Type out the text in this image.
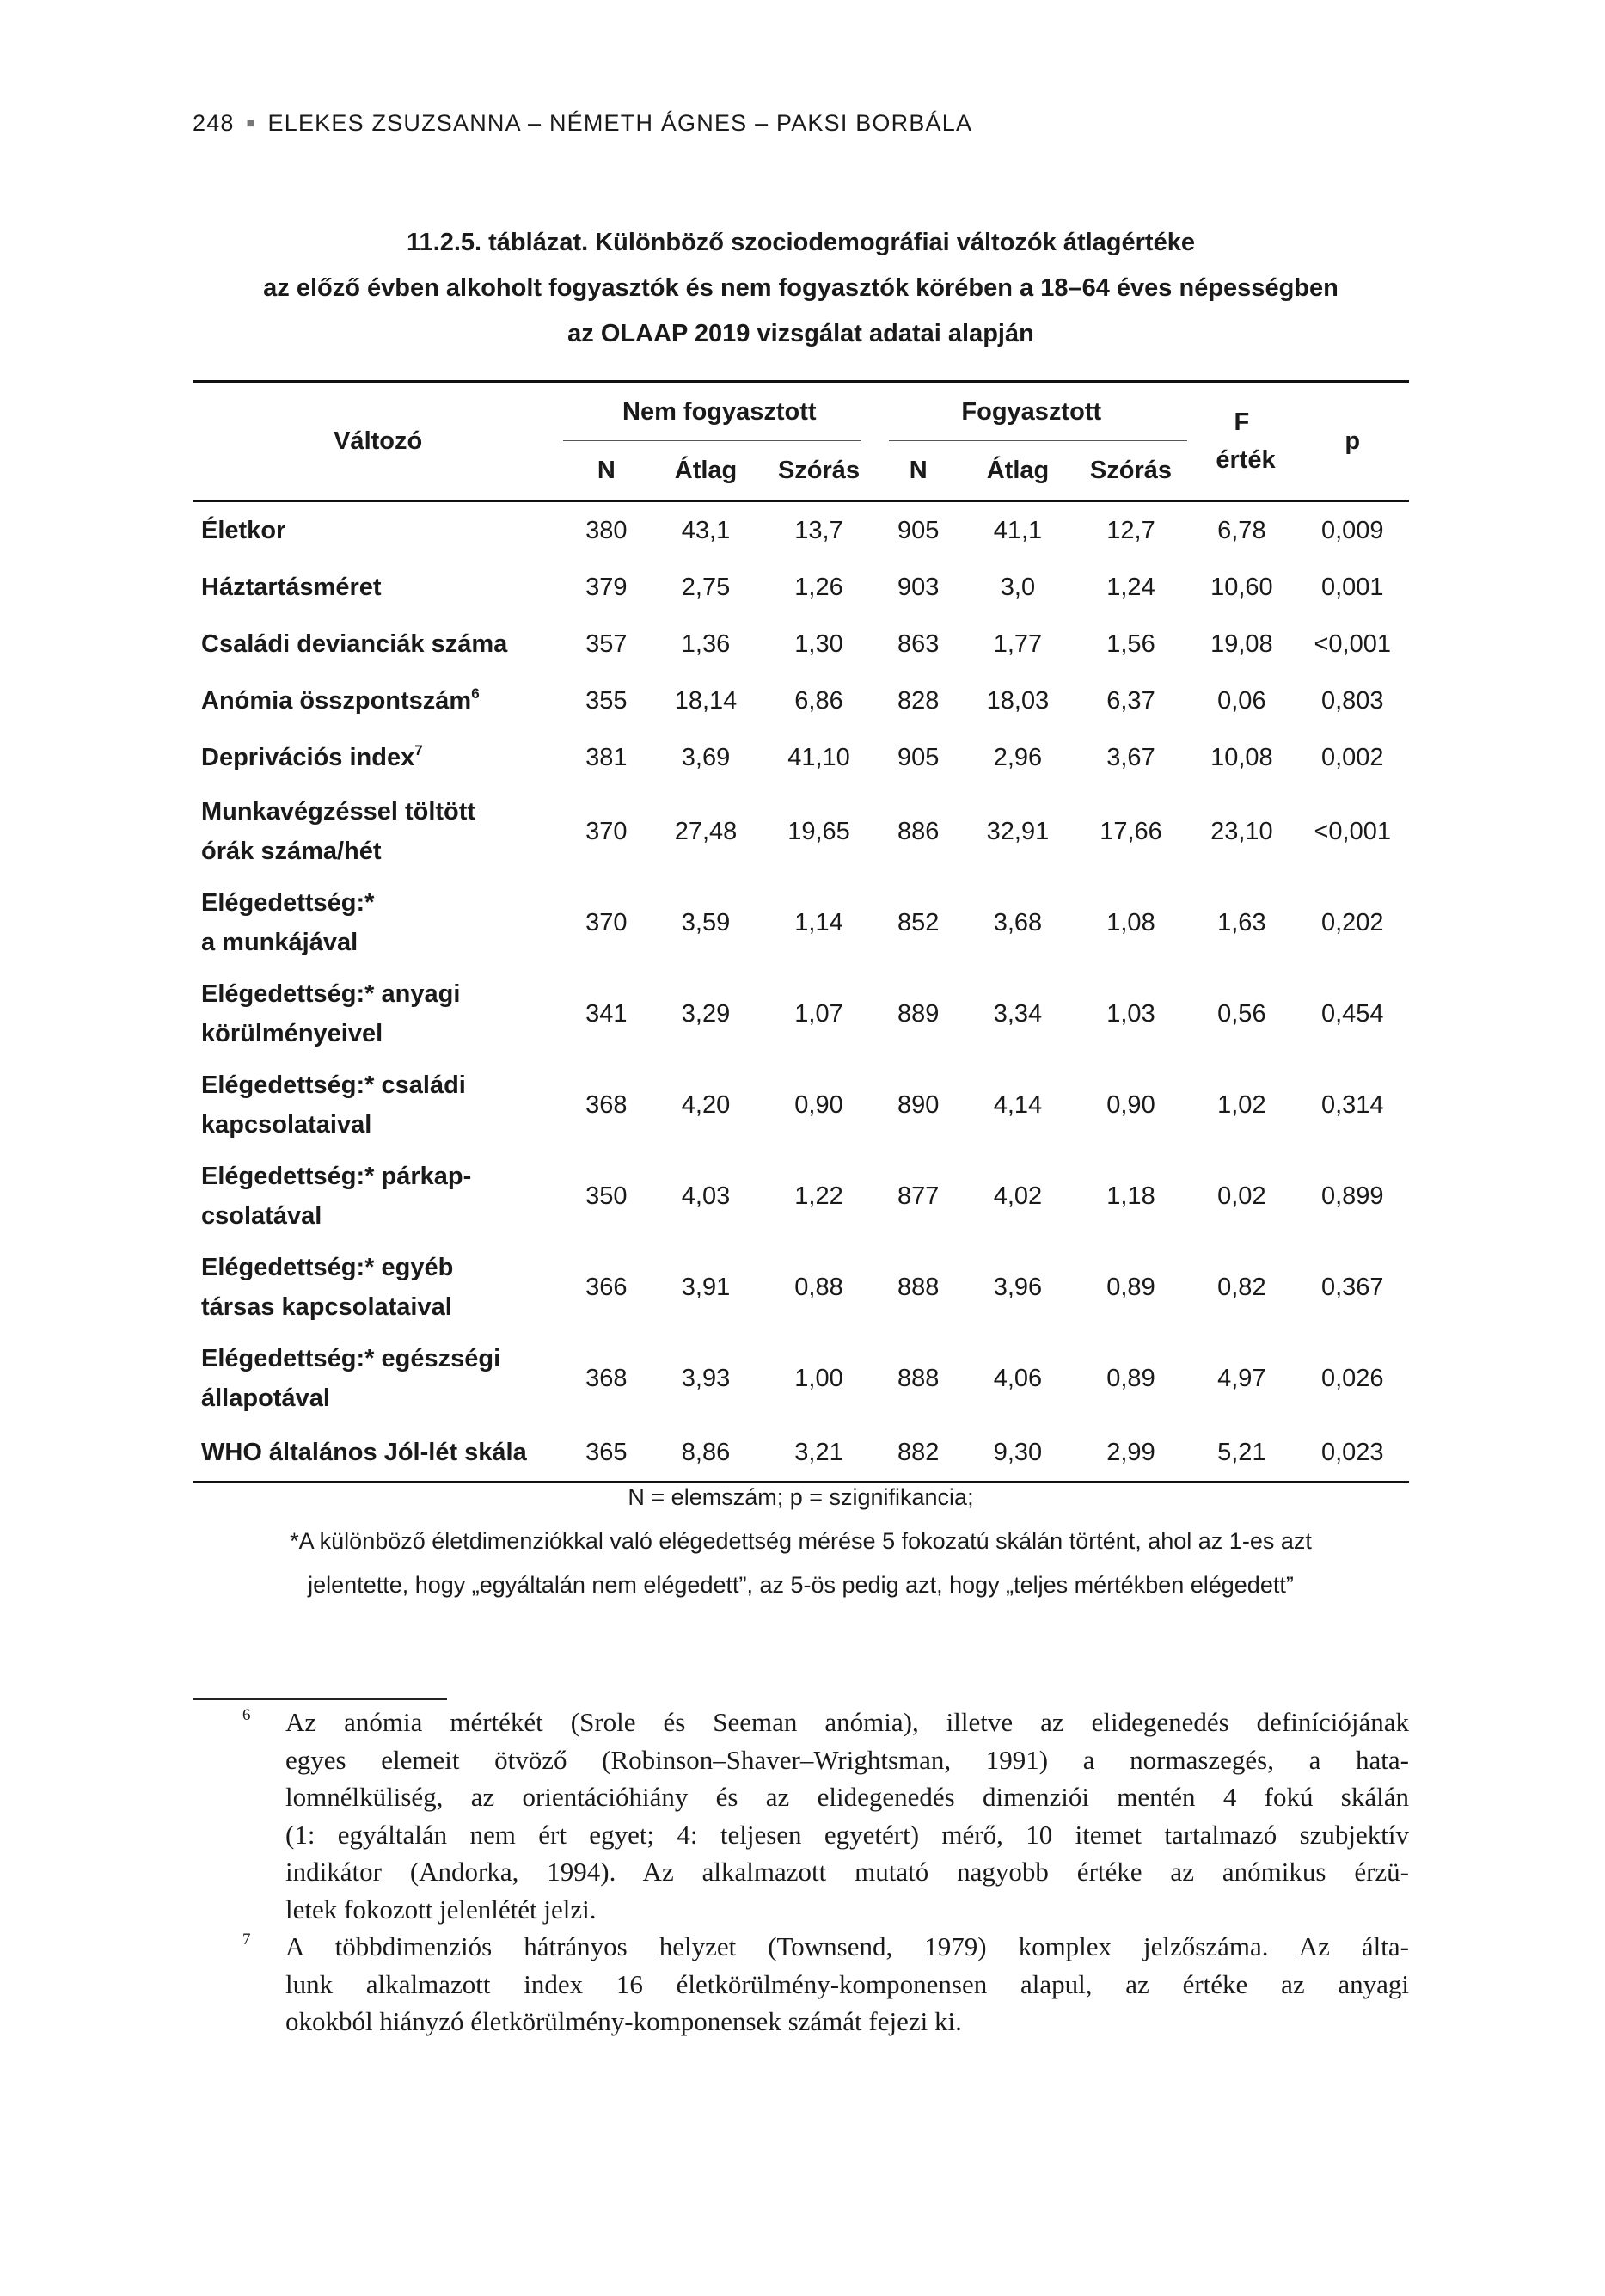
248 ■ ELEKES ZSUZSANNA – NÉMETH ÁGNES – PAKSI BORBÁLA
11.2.5. táblázat. Különböző szociodemográfiai változók átlagértéke
az előző évben alkoholt fogyasztók és nem fogyasztók körében a 18–64 éves népességben
az OLAAP 2019 vizsgálat adatai alapján
Változó	Nem fogyasztott			Fogyasztott			F érték	p
	N	Átlag	Szórás	N	Átlag	Szórás		
Életkor	380	43,1	13,7	905	41,1	12,7	6,78	0,009
Háztartásméret	379	2,75	1,26	903	3,0	1,24	10,60	0,001
Családi devianciák száma	357	1,36	1,30	863	1,77	1,56	19,08	<0,001
Anómia összpontszám$^6$	355	18,14	6,86	828	18,03	6,37	0,06	0,803
Deprivációs index$^7$	381	3,69	41,10	905	2,96	3,67	10,08	0,002

Munkavégzéssel töltött
órák száma/hét	370	27,48	19,65	886	32,91	17,66	23,10	<0,001

Elégedettség:*
a munkájával	370	3,59	1,14	852	3,68	1,08	1,63	0,202

Elégedettség:* anyagi
körülményeivel	341	3,29	1,07	889	3,34	1,03	0,56	0,454

Elégedettség:* családi
kapcsolataival	368	4,20	0,90	890	4,14	0,90	1,02	0,314

Elégedettség:* párkap-
csolatával	350	4,03	1,22	877	4,02	1,18	0,02	0,899

Elégedettség:* egyéb
társas kapcsolataival	366	3,91	0,88	888	3,96	0,89	0,82	0,367

Elégedettség:* egészségi
állapotával	368	3,93	1,00	888	4,06	0,89	4,97	0,026
WHO általános Jól-lét skála	365	8,86	3,21	882	9,30	2,99	5,21	0,023
N = elemszám; p = szignifikancia;
*A különböző életdimenziókkal való elégedettség mérése 5 fokozatú skálán történt, ahol az 1-es azt
jelentette, hogy „egyáltalán nem elégedett”, az 5-ös pedig azt, hogy „teljes mértékben elégedett”
6 Az anómia mértékét (Srole és Seeman anómia), illetve az elidegenedés definíciójának
egyes elemeit ötvöző (Robinson–Shaver–Wrightsman, 1991) a normaszegés, a hata-
lomnélküliség, az orientációhiány és az elidegenedés dimenziói mentén 4 fokú skálán
(1: egyáltalán nem ért egyet; 4: teljesen egyetért) mérő, 10 itemet tartalmazó szubjektív
indikátor (Andorka, 1994). Az alkalmazott mutató nagyobb értéke az anómikus érzü-
letek fokozott jelenlétét jelzi.
7 A többdimenziós hátrányos helyzet (Townsend, 1979) komplex jelzőszáma. Az álta-
lunk alkalmazott index 16 életkörülmény-komponensen alapul, az értéke az anyagi
okokból hiányzó életkörülmény-komponensek számát fejezi ki.
